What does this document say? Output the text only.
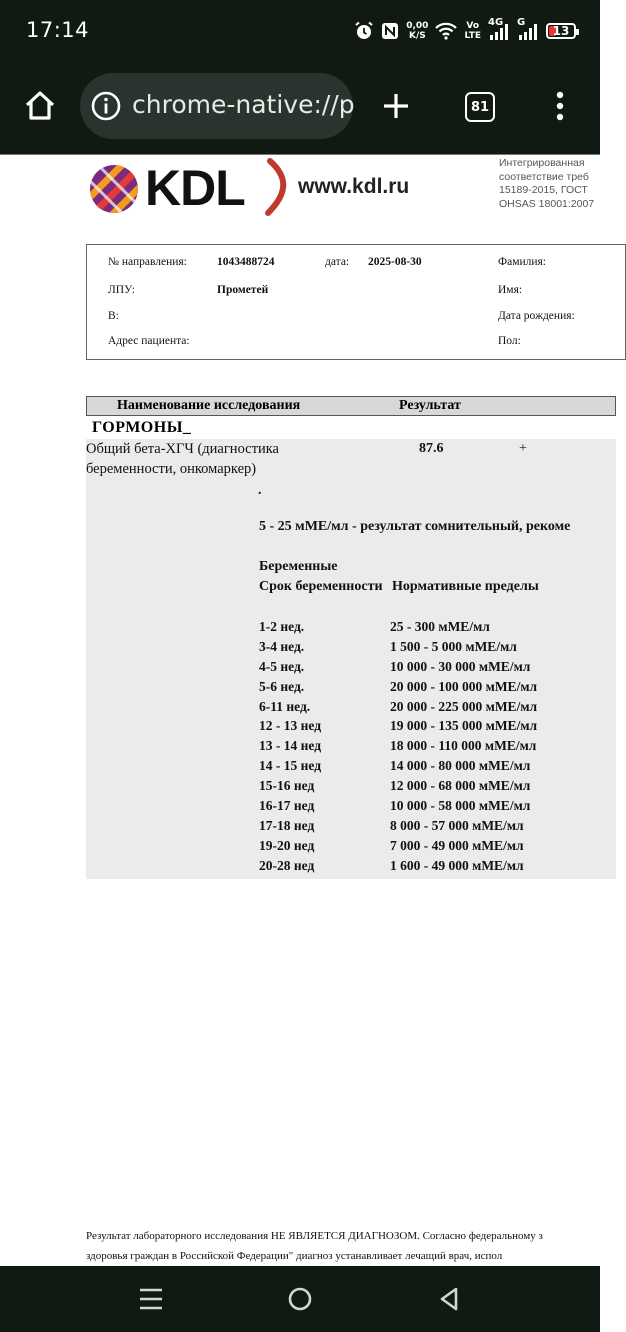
17:14	0,00
K/S
Vo
LTE
4G G
13
chrome-native://p	81
KDL	www.kdl.ru
Интегрированная
соответствие треб
15189-2015, ГОСТ
OHSAS 18001:2007
№ направления:	1043488724	дата: 2025-08-30	Фамилия:
ЛПУ:	Прометей	Имя:
В:	Дата рождения:
Адрес пациента:	Пол:
Наименование исследования	Результат
ГОРМОНЫ_
Общий бета-ХГЧ (диагностика
беременности, онкомаркер)
87.6	+
.
5 - 25 мМЕ/мл - результат сомнительный, рекоме
Беременные
Срок беременности Нормативные пределы
1-2 нед.	25 - 300 мМЕ/мл
3-4 нед.	1 500 - 5 000 мМЕ/мл
4-5 нед.	10 000 - 30 000 мМЕ/мл
5-6 нед.	20 000 - 100 000 мМЕ/мл
6-11 нед.	20 000 - 225 000 мМЕ/мл
12 - 13 нед	19 000 - 135 000 мМЕ/мл
13 - 14 нед	18 000 - 110 000 мМЕ/мл
14 - 15 нед	14 000 - 80 000 мМЕ/мл
15-16 нед	12 000 - 68 000 мМЕ/мл
16-17 нед	10 000 - 58 000 мМЕ/мл
17-18 нед	8 000 - 57 000 мМЕ/мл
19-20 нед	7 000 - 49 000 мМЕ/мл
20-28 нед	1 600 - 49 000 мМЕ/мл
Результат лабораторного исследования НЕ ЯВЛЯЕТСЯ ДИАГНОЗОМ. Согласно федеральному з
здоровья граждан в Российской Федерации" диагноз устанавливает лечащий врач, испол
